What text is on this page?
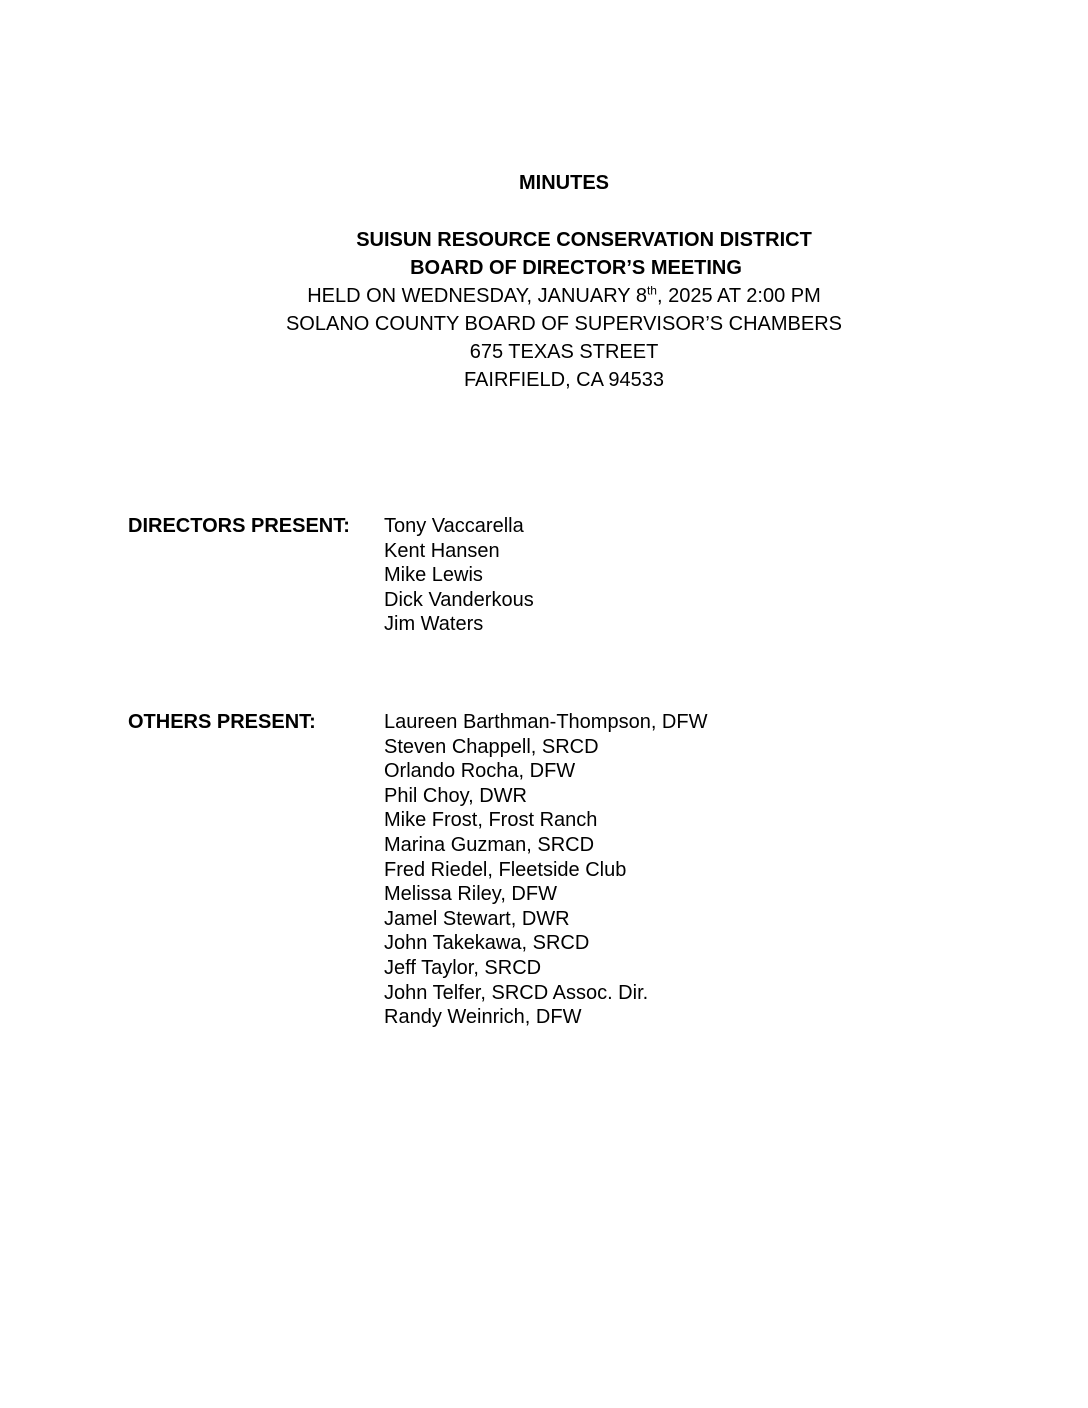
MINUTES
SUISUN RESOURCE CONSERVATION DISTRICT
BOARD OF DIRECTOR’S MEETING
HELD ON WEDNESDAY, JANUARY 8th, 2025 AT 2:00 PM
SOLANO COUNTY BOARD OF SUPERVISOR’S CHAMBERS
675 TEXAS STREET
FAIRFIELD, CA 94533
DIRECTORS PRESENT: Tony Vaccarella
Kent Hansen
Mike Lewis
Dick Vanderkous
Jim Waters
OTHERS PRESENT:	Laureen Barthman-Thompson, DFW
Steven Chappell, SRCD
Orlando Rocha, DFW
Phil Choy, DWR
Mike Frost, Frost Ranch
Marina Guzman, SRCD
Fred Riedel, Fleetside Club
Melissa Riley, DFW
Jamel Stewart, DWR
John Takekawa, SRCD
Jeff Taylor, SRCD
John Telfer, SRCD Assoc. Dir.
Randy Weinrich, DFW
